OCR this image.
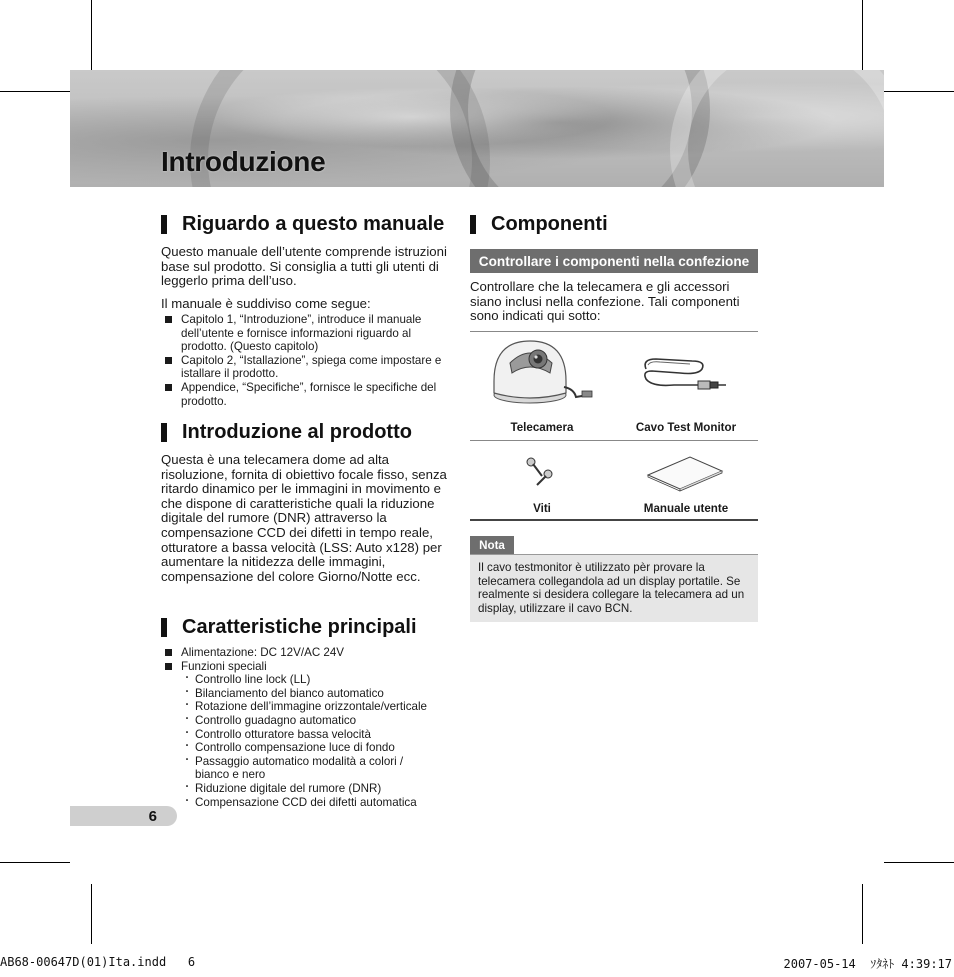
Introduzione
Riguardo a questo manuale
Questo manuale dell’utente comprende istruzioni base sul prodotto. Si consiglia a tutti gli utenti di leggerlo prima dell’uso.
Il manuale è suddiviso come segue:
Capitolo 1, “Introduzione”, introduce il manuale dell’utente e fornisce informazioni riguardo al prodotto. (Questo capitolo)
Capitolo 2, “Istallazione”, spiega come impostare e istallare il prodotto.
Appendice, “Specifiche”, fornisce le specifiche del prodotto.
Introduzione al prodotto
Questa è una telecamera dome ad alta risoluzione, fornita di obiettivo focale fisso, senza ritardo dinamico per le immagini in movimento e che dispone di caratteristiche quali la riduzione digitale del rumore (DNR) attraverso la compensazione CCD dei difetti in tempo reale, otturatore a bassa velocità (LSS: Auto x128) per aumentare la nitidezza delle immagini, compensazione del colore Giorno/Notte ecc.
Caratteristiche principali
Alimentazione: DC 12V/AC 24V
Funzioni speciali
・ Controllo line lock (LL)
・ Bilanciamento del bianco automatico
・ Rotazione dell’immagine orizzontale/verticale
・ Controllo guadagno automatico
・ Controllo otturatore bassa velocità
・ Controllo compensazione luce di fondo
・ Passaggio automatico modalità a colori / bianco e nero
・ Riduzione digitale del rumore (DNR)
・ Compensazione CCD dei difetti automatica
Componenti
Controllare i componenti nella confezione
Controllare che la telecamera e gli accessori siano inclusi nella confezione. Tali componenti sono indicati qui sotto:
Telecamera	Cavo Test Monitor
Viti	Manuale utente
Nota
Il cavo testmonitor è utilizzato pèr provare la telecamera collegandola ad un display portatile. Se realmente si desidera collegare la telecamera ad un display, utilizzare il cavo BCN.
6
AB68-00647D(01)Ita.indd   6	2007-05-14  ｿﾀﾈﾄ 4:39:17
